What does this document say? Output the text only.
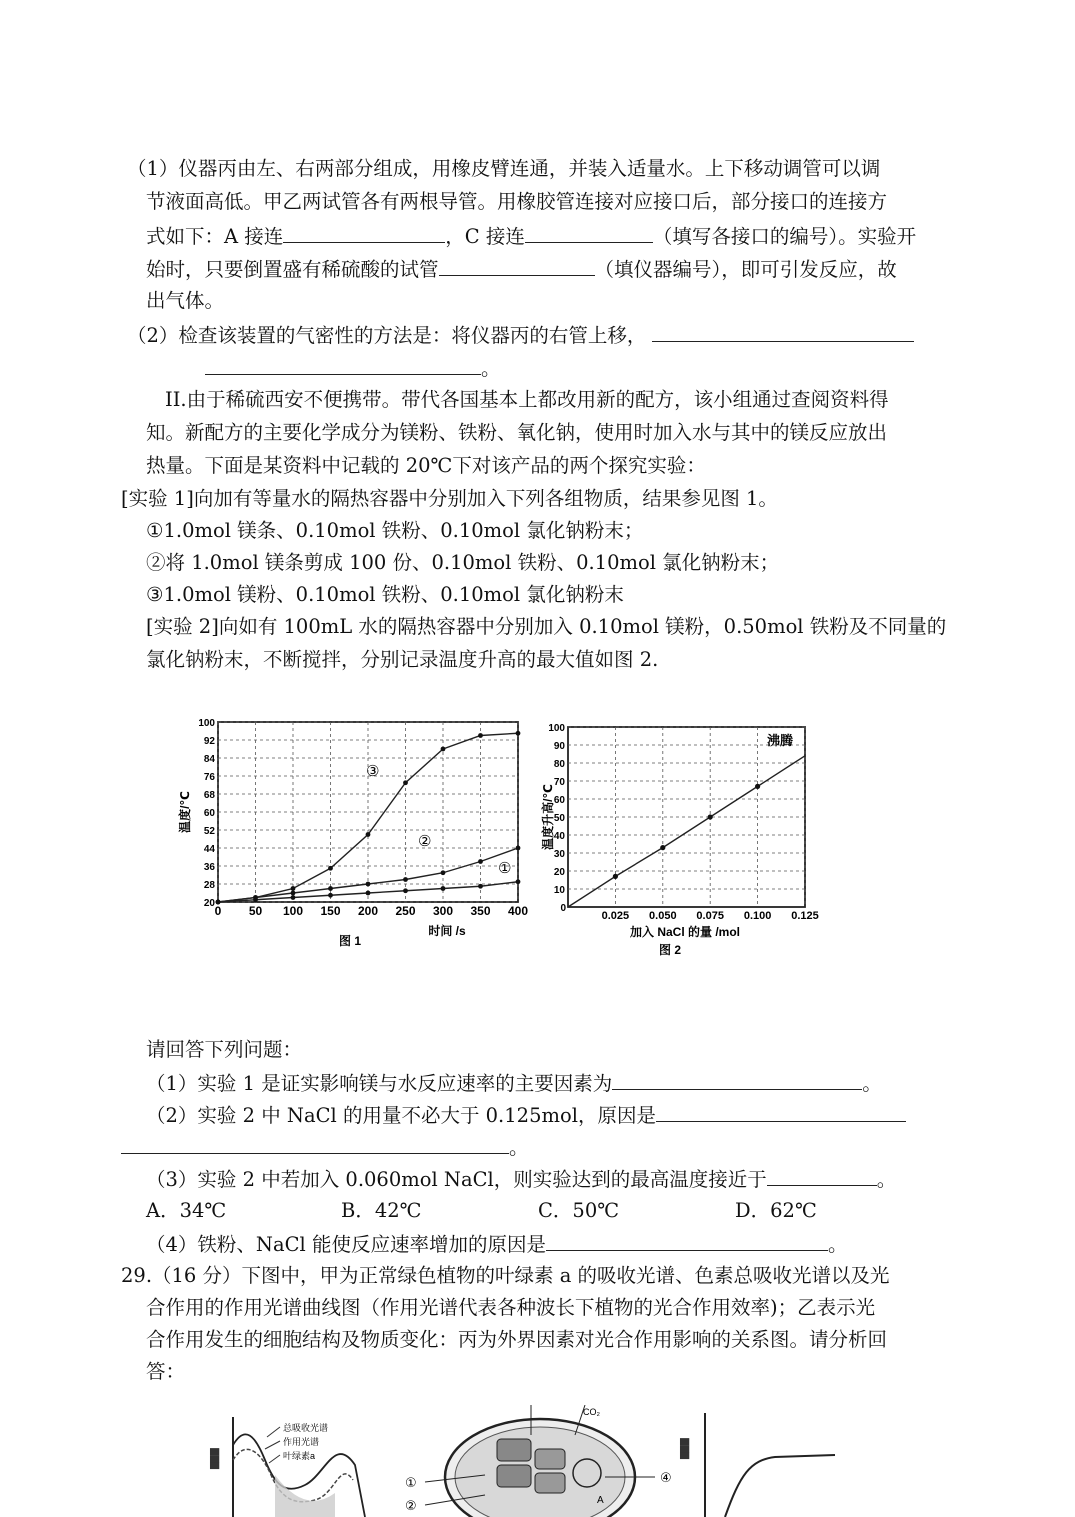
（1）仪器丙由左、右两部分组成，用橡皮臂连通，并装入适量水。上下移动调管可以调
节液面高低。甲乙两试管各有两根导管。用橡胶管连接对应接口后，部分接口的连接方
式如下：A 接连	，C 接连	（填写各接口的编号）。实验开
始时，只要倒置盛有稀硫酸的试管	（填仪器编号），即可引发反应，故
出气体。
（2）检查该装置的气密性的方法是：将仪器丙的右管上移，
。
II.由于稀硫西安不便携带。带代各国基本上都改用新的配方，该小组通过查阅资料得
知。新配方的主要化学成分为镁粉、铁粉、氧化钠，使用时加入水与其中的镁反应放出
热量。下面是某资料中记载的 20℃下对该产品的两个探究实验：
[实验 1]向加有等量水的隔热容器中分别加入下列各组物质，结果参见图 1。
①1.0mol 镁条、0.10mol 铁粉、0.10mol 氯化钠粉末；
②将 1.0mol 镁条剪成 100 份、0.10mol 铁粉、0.10mol 氯化钠粉末；
③1.0mol 镁粉、0.10mol 铁粉、0.10mol 氯化钠粉末
[实验 2]向如有 100mL 水的隔热容器中分别加入 0.10mol 镁粉，0.50mol 铁粉及不同量的
氯化钠粉末，不断搅拌，分别记录温度升高的最大值如图 2.
0 50 100 150 200 250 300 350 400
20
28
36
44
52
60
68
76
84
92
100
①
②
③
温度/℃
时间 /s
图 1
0.025 0.050 0.075 0.100 0.125
0
10
20
30
40
50
60
70
80
90
100
沸腾
温度升高/℃
加入 NaCl 的量 /mol
图 2
请回答下列问题：
（1）实验 1 是证实影响镁与水反应速率的主要因素为	。
（2）实验 2 中 NaCl 的用量不必大于 0.125mol，原因是
。
（3）实验 2 中若加入 0.060mol NaCl，则实验达到的最高温度接近于	。
A．34℃	B．42℃	C．50℃	D．62℃
（4）铁粉、NaCl 能使反应速率增加的原因是	。
29.（16 分）下图中，甲为正常绿色植物的叶绿素 a 的吸收光谱、色素总吸收光谱以及光
合作用的作用光谱曲线图（作用光谱代表各种波长下植物的光合作用效率)；乙表示光
合作用发生的细胞结构及物质变化：丙为外界因素对光合作用影响的关系图。请分析回
答：
总吸收光谱
作用光谱
叶绿素a
▇▇▇
①
②
④
CO₂
A
▇▇▇
